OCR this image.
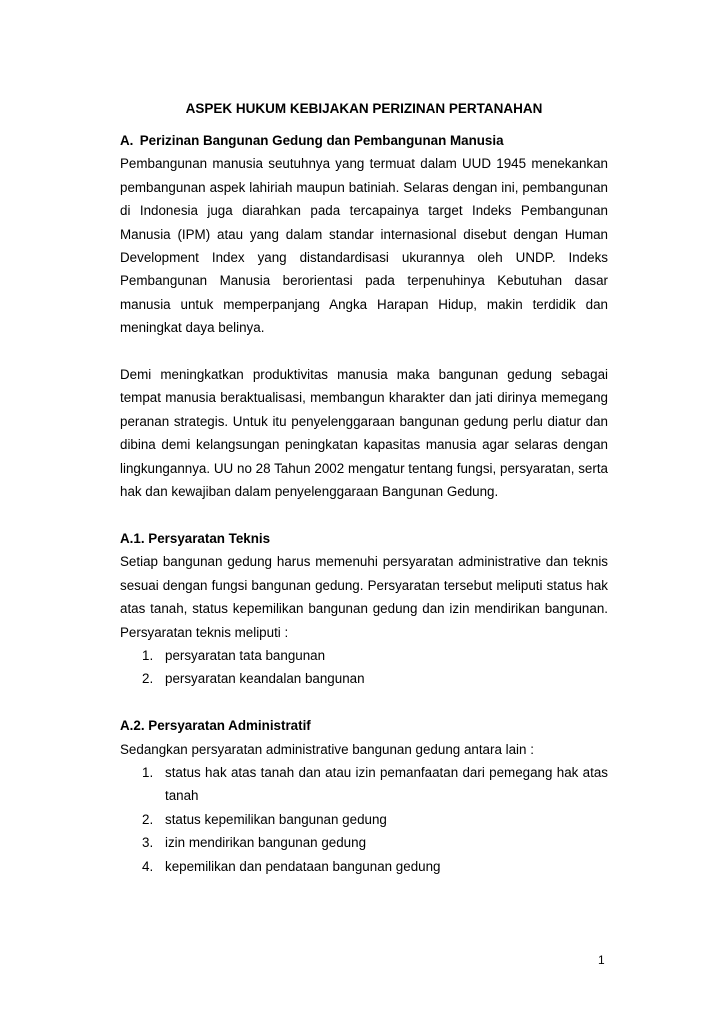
ASPEK HUKUM KEBIJAKAN PERIZINAN PERTANAHAN
A. Perizinan Bangunan Gedung dan Pembangunan Manusia

Pembangunan manusia seutuhnya yang termuat dalam UUD 1945 menekankan pembangunan aspek lahiriah maupun batiniah. Selaras dengan ini, pembangunan di Indonesia juga diarahkan pada tercapainya target Indeks Pembangunan Manusia (IPM) atau yang dalam standar internasional disebut dengan Human Development Index yang distandardisasi ukurannya oleh UNDP. Indeks Pembangunan Manusia berorientasi pada terpenuhinya Kebutuhan dasar manusia untuk memperpanjang Angka Harapan Hidup, makin terdidik dan meningkat daya belinya.

Demi meningkatkan produktivitas manusia maka bangunan gedung sebagai tempat manusia beraktualisasi, membangun kharakter dan jati dirinya memegang peranan strategis. Untuk itu penyelenggaraan bangunan gedung perlu diatur dan dibina demi kelangsungan peningkatan kapasitas manusia agar selaras dengan lingkungannya. UU no 28 Tahun 2002 mengatur tentang fungsi, persyaratan, serta hak dan kewajiban dalam penyelenggaraan Bangunan Gedung.

A.1. Persyaratan Teknis

Setiap bangunan gedung harus memenuhi persyaratan administrative dan teknis sesuai dengan fungsi bangunan gedung. Persyaratan tersebut meliputi status hak atas tanah, status kepemilikan bangunan gedung dan izin mendirikan bangunan. Persyaratan teknis meliputi :

1. persyaratan tata bangunan
2. persyaratan keandalan bangunan
A.2. Persyaratan Administratif

Sedangkan persyaratan administrative bangunan gedung antara lain :

1. status hak atas tanah dan atau izin pemanfaatan dari pemegang hak atas tanah
2. status kepemilikan bangunan gedung
3. izin mendirikan bangunan gedung
4. kepemilikan dan pendataan bangunan gedung
1
